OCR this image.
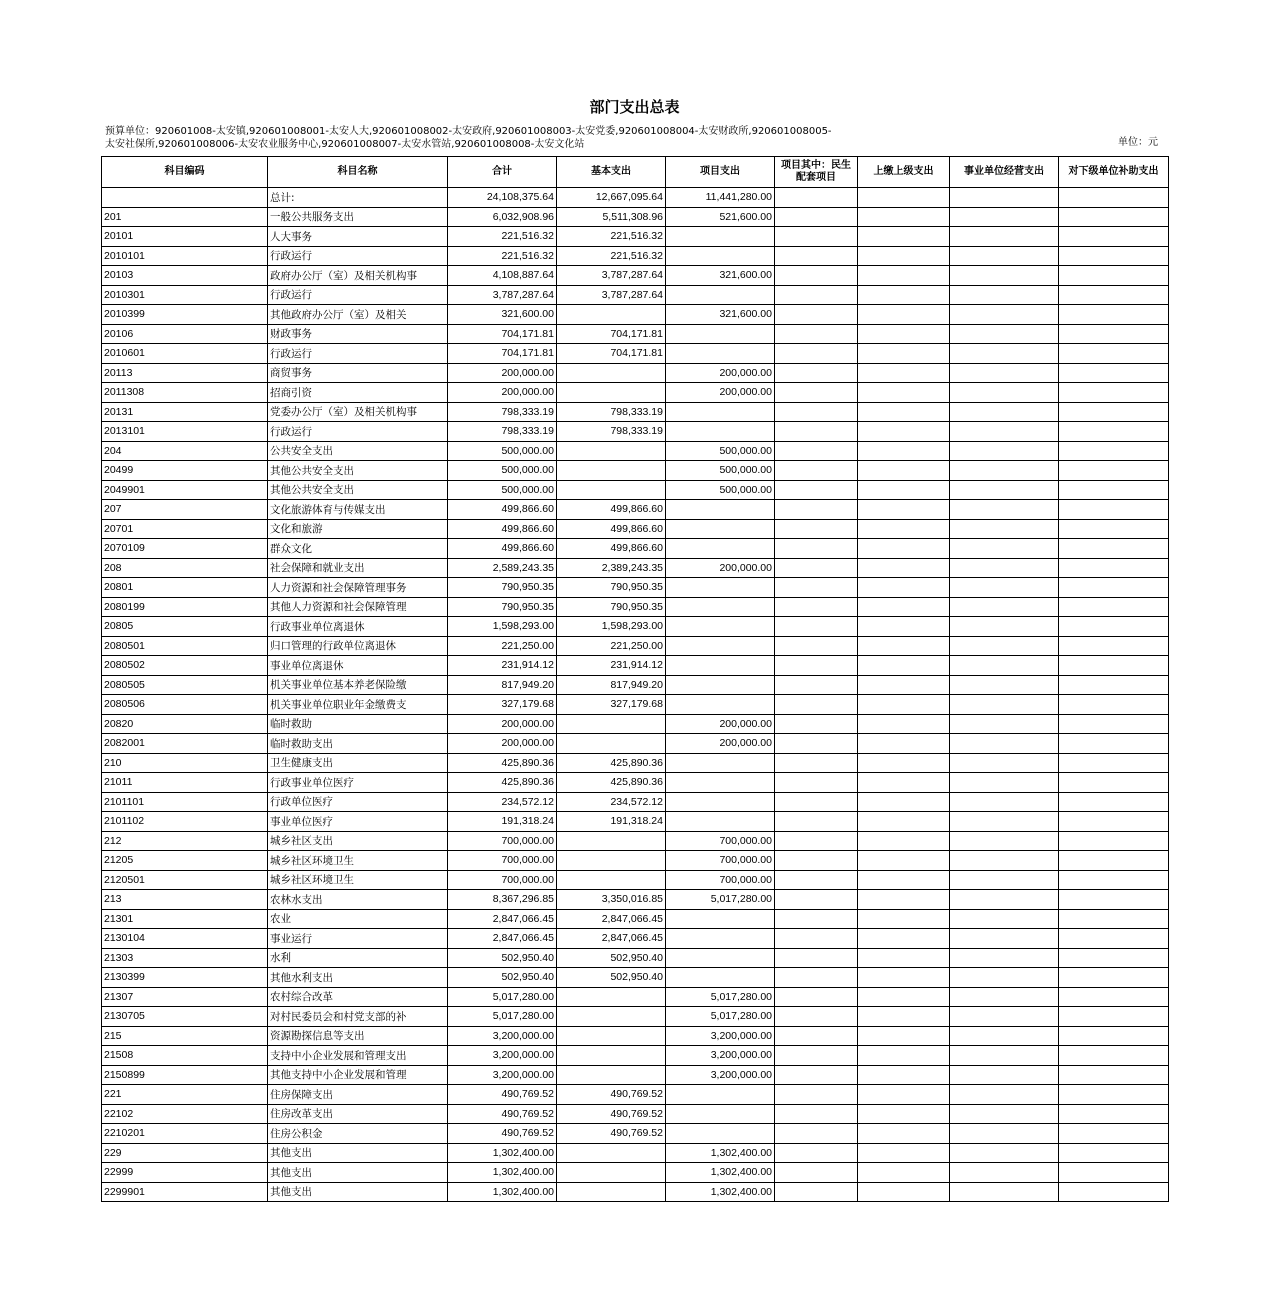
部门支出总表
预算单位：920601008-太安镇,920601008001-太安人大,920601008002-太安政府,920601008003-太安党委,920601008004-太安财政所,920601008005-
太安社保所,920601008006-太安农业服务中心,920601008007-太安水管站,920601008008-太安文化站	单位：元
科目编码	科目名称	合计	基本支出	项目支出	项目其中：民生配套项目	上缴上级支出	事业单位经营支出	对下级单位补助支出
	总计:	24,108,375.64	12,667,095.64	11,441,280.00				
201	一般公共服务支出	6,032,908.96	5,511,308.96	521,600.00				
20101	人大事务	221,516.32	221,516.32					
2010101	行政运行	221,516.32	221,516.32					
20103	政府办公厅（室）及相关机构事	4,108,887.64	3,787,287.64	321,600.00				
2010301	行政运行	3,787,287.64	3,787,287.64					
2010399	其他政府办公厅（室）及相关	321,600.00		321,600.00				
20106	财政事务	704,171.81	704,171.81					
2010601	行政运行	704,171.81	704,171.81					
20113	商贸事务	200,000.00		200,000.00				
2011308	招商引资	200,000.00		200,000.00				
20131	党委办公厅（室）及相关机构事	798,333.19	798,333.19					
2013101	行政运行	798,333.19	798,333.19					
204	公共安全支出	500,000.00		500,000.00				
20499	其他公共安全支出	500,000.00		500,000.00				
2049901	其他公共安全支出	500,000.00		500,000.00				
207	文化旅游体育与传媒支出	499,866.60	499,866.60					
20701	文化和旅游	499,866.60	499,866.60					
2070109	群众文化	499,866.60	499,866.60					
208	社会保障和就业支出	2,589,243.35	2,389,243.35	200,000.00				
20801	人力资源和社会保障管理事务	790,950.35	790,950.35					
2080199	其他人力资源和社会保障管理	790,950.35	790,950.35					
20805	行政事业单位离退休	1,598,293.00	1,598,293.00					
2080501	归口管理的行政单位离退休	221,250.00	221,250.00					
2080502	事业单位离退休	231,914.12	231,914.12					
2080505	机关事业单位基本养老保险缴	817,949.20	817,949.20					
2080506	机关事业单位职业年金缴费支	327,179.68	327,179.68					
20820	临时救助	200,000.00		200,000.00				
2082001	临时救助支出	200,000.00		200,000.00				
210	卫生健康支出	425,890.36	425,890.36					
21011	行政事业单位医疗	425,890.36	425,890.36					
2101101	行政单位医疗	234,572.12	234,572.12					
2101102	事业单位医疗	191,318.24	191,318.24					
212	城乡社区支出	700,000.00		700,000.00				
21205	城乡社区环境卫生	700,000.00		700,000.00				
2120501	城乡社区环境卫生	700,000.00		700,000.00				
213	农林水支出	8,367,296.85	3,350,016.85	5,017,280.00				
21301	农业	2,847,066.45	2,847,066.45					
2130104	事业运行	2,847,066.45	2,847,066.45					
21303	水利	502,950.40	502,950.40					
2130399	其他水利支出	502,950.40	502,950.40					
21307	农村综合改革	5,017,280.00		5,017,280.00				
2130705	对村民委员会和村党支部的补	5,017,280.00		5,017,280.00				
215	资源勘探信息等支出	3,200,000.00		3,200,000.00				
21508	支持中小企业发展和管理支出	3,200,000.00		3,200,000.00				
2150899	其他支持中小企业发展和管理	3,200,000.00		3,200,000.00				
221	住房保障支出	490,769.52	490,769.52					
22102	住房改革支出	490,769.52	490,769.52					
2210201	住房公积金	490,769.52	490,769.52					
229	其他支出	1,302,400.00		1,302,400.00				
22999	其他支出	1,302,400.00		1,302,400.00				
2299901	其他支出	1,302,400.00		1,302,400.00				
